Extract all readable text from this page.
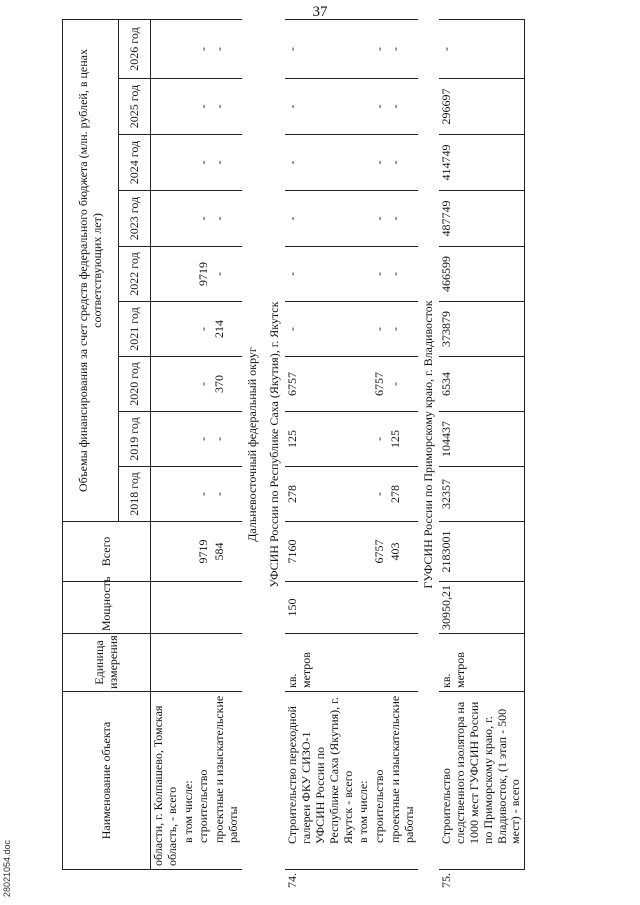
37
28021054.doc
Наименование объекта	Единица измерения	Мощность	Всего	Объемы финансирования за счет средств федерального бюджета (млн. рублей, в ценах соответствующих лет)								
				2018 год	2019 год	2020 год	2021 год	2022 год	2023 год	2024 год	2025 год	2026 год
области, г. Колпашево, Томская область, - всего												
в том числе:												
строительство			9719	-	-	-	-	9719	-	-	-	-
проектные и изыскательские работы			584	-	-	370	214	-	-	-	-	-
Дальневосточный федеральный округ												
УФСИН России по Республике Саха (Якутия), г. Якутск												

74.Строительство переходной галереи ФКУ СИЗО-1 УФСИН России по Республике Саха (Якутия), г. Якутск - всего	кв. метров	150	7160	278	125	6757	-	-	-	-	-	-
в том числе:												
строительство			6757	-	-	6757	-	-	-	-	-	-
проектные и изыскательские работы			403	278	125	-	-	-	-	-	-	-
ГУФСИН России по Приморскому краю, г. Владивосток												

75.Строительство следственного изолятора на 1000 мест ГУФСИН России по Приморскому краю, г. Владивосток, (1 этап - 500 мест) - всего	кв. метров	30950,21	2183001	32357	104437	6534	373879	466599	487749	414749	296697	-
